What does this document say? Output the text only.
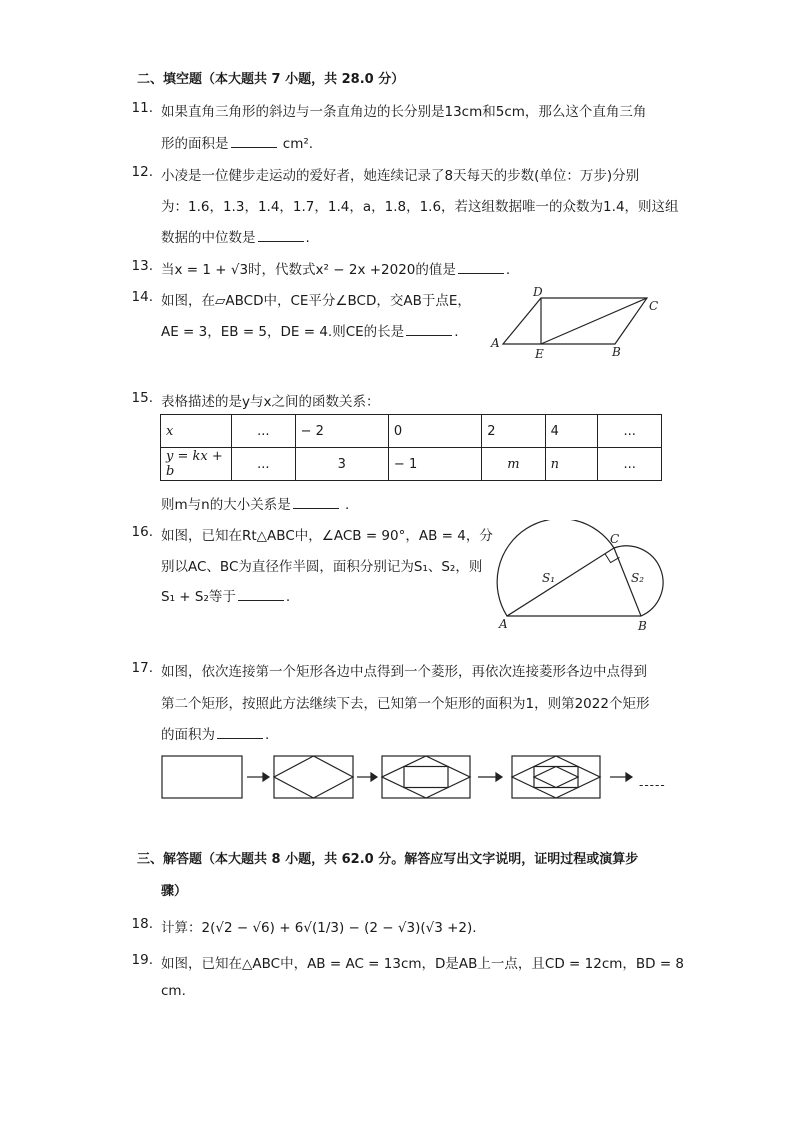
二、填空题（本大题共 7 小题，共 28.0 分）
11. 如果直角三角形的斜边与一条直角边的长分别是13cm和5cm，那么这个直角三角
形的面积是	cm².
12. 小凌是一位健步走运动的爱好者，她连续记录了8天每天的步数(单位：万步)分别
为：1.6，1.3，1.4，1.7，1.4，a，1.8，1.6，若这组数据唯一的众数为1.4，则这组
数据的中位数是	.
13. 当x = 1 + √3时，代数式x² − 2x +2020的值是	.
14. 如图，在▱ABCD中，CE平分∠BCD，交AB于点E，
AE = 3，EB = 5，DE = 4.则CE的长是	.
A
D
C
E	B
15. 表格描述的是y与x之间的函数关系：
x	...	− 2	0	2	4	...
y = kx + b	...	3	− 1	m	n	...
则m与n的大小关系是	.
16. 如图，已知在Rt△ABC中，∠ACB = 90°，AB = 4，分
别以AC、BC为直径作半圆，面积分别记为S₁、S₂，则
S₁ + S₂等于	.
A	B
C
S₁	S₂
17. 如图，依次连接第一个矩形各边中点得到一个菱形，再依次连接菱形各边中点得到
第二个矩形，按照此方法继续下去，已知第一个矩形的面积为1，则第2022个矩形
的面积为	.
-----
三、解答题（本大题共 8 小题，共 62.0 分。解答应写出文字说明，证明过程或演算步
骤）
18. 计算：2(√2 − √6) + 6√(1/3) − (2 − √3)(√3 +2).
19. 如图，已知在△ABC中，AB = AC = 13cm，D是AB上一点，且CD = 12cm，BD = 8
cm.
